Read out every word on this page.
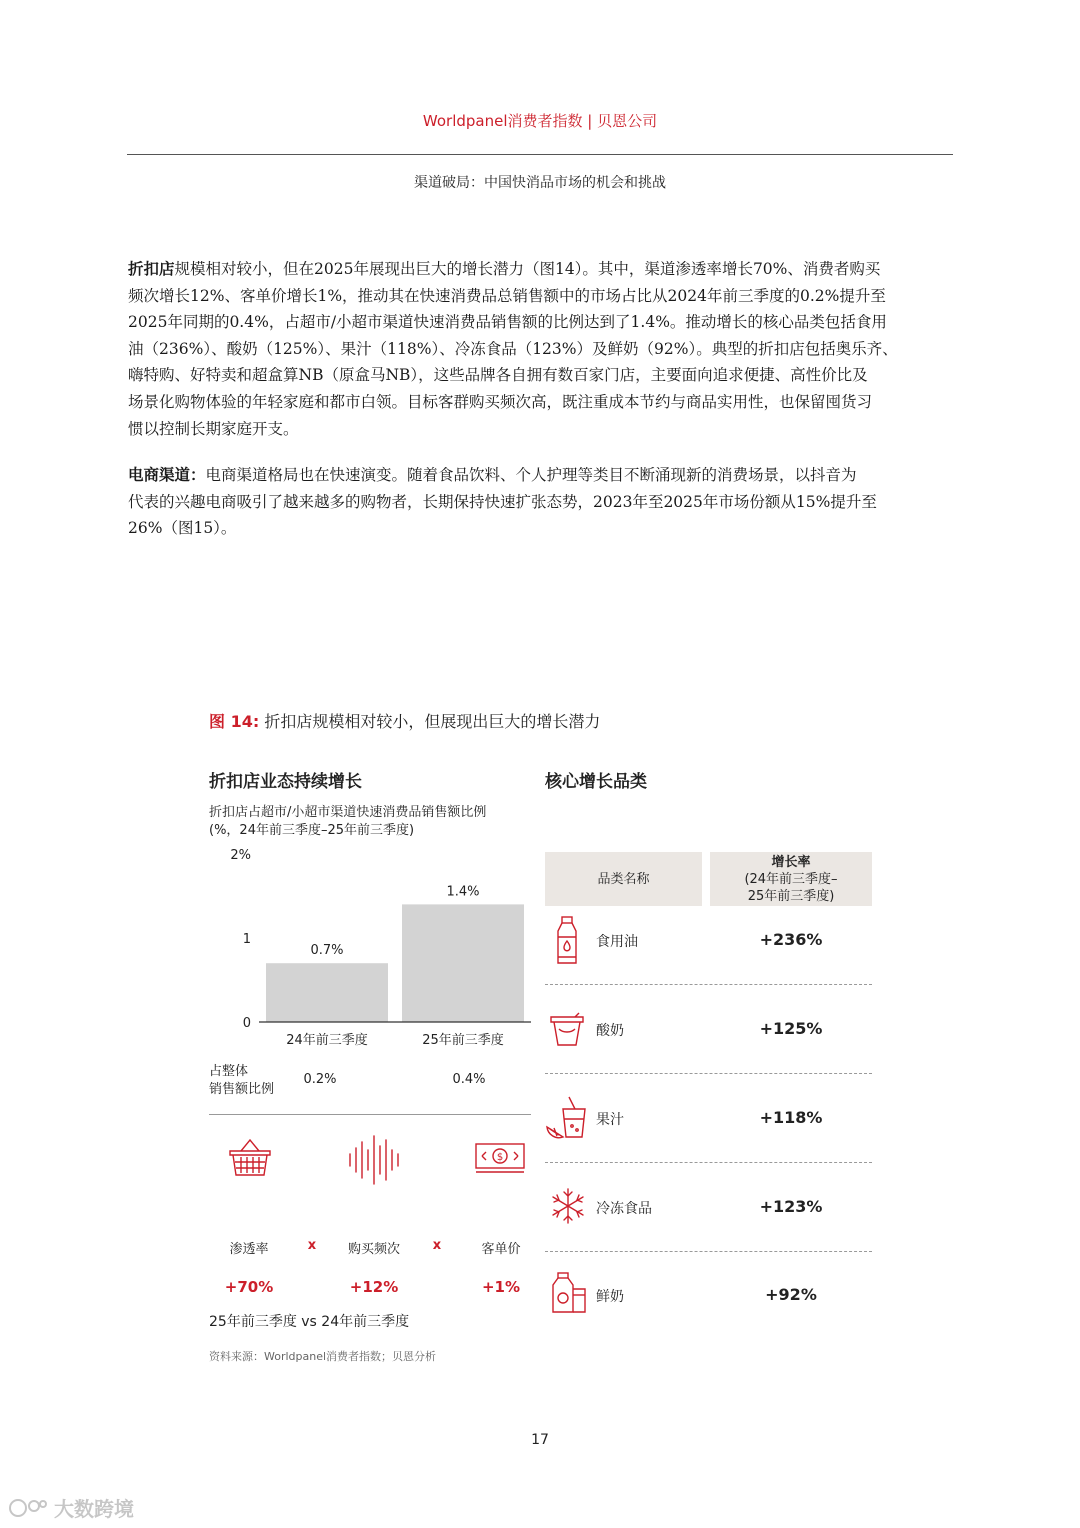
Worldpanel消费者指数 | 贝恩公司
渠道破局：中国快消品市场的机会和挑战
折扣店规模相对较小，但在2025年展现出巨大的增长潜力（图14）。其中，渠道渗透率增长70%、消费者购买
频次增长12%、客单价增长1%，推动其在快速消费品总销售额中的市场占比从2024年前三季度的0.2%提升至
2025年同期的0.4%，占超市/小超市渠道快速消费品销售额的比例达到了1.4%。推动增长的核心品类包括食用
油（236%）、酸奶（125%）、果汁（118%）、冷冻食品（123%）及鲜奶（92%）。典型的折扣店包括奥乐齐、
嗨特购、好特卖和超盒算NB（原盒马NB），这些品牌各自拥有数百家门店，主要面向追求便捷、高性价比及
场景化购物体验的年轻家庭和都市白领。目标客群购买频次高，既注重成本节约与商品实用性，也保留囤货习
惯以控制长期家庭开支。
电商渠道：电商渠道格局也在快速演变。随着食品饮料、个人护理等类目不断涌现新的消费场景，以抖音为
代表的兴趣电商吸引了越来越多的购物者，长期保持快速扩张态势，2023年至2025年市场份额从15%提升至
26%（图15）。
图 14: 折扣店规模相对较小，但展现出巨大的增长潜力
折扣店业态持续增长
折扣店占超市/小超市渠道快速消费品销售额比例
(%，24年前三季度–25年前三季度)
0
1
2%
0.7%
24年前三季度
1.4%
25年前三季度
占整体
销售额比例
0.2%	0.4%
$
渗透率	x	购买频次	x	客单价
+70%	+12%	+1%
25年前三季度 vs 24年前三季度
资料来源：Worldpanel消费者指数；贝恩分析
核心增长品类
品类名称
增长率
(24年前三季度–
25年前三季度)
食用油	+236%
酸奶	+125%
果汁	+118%
冷冻食品	+123%
鲜奶	+92%
17
大数跨境
